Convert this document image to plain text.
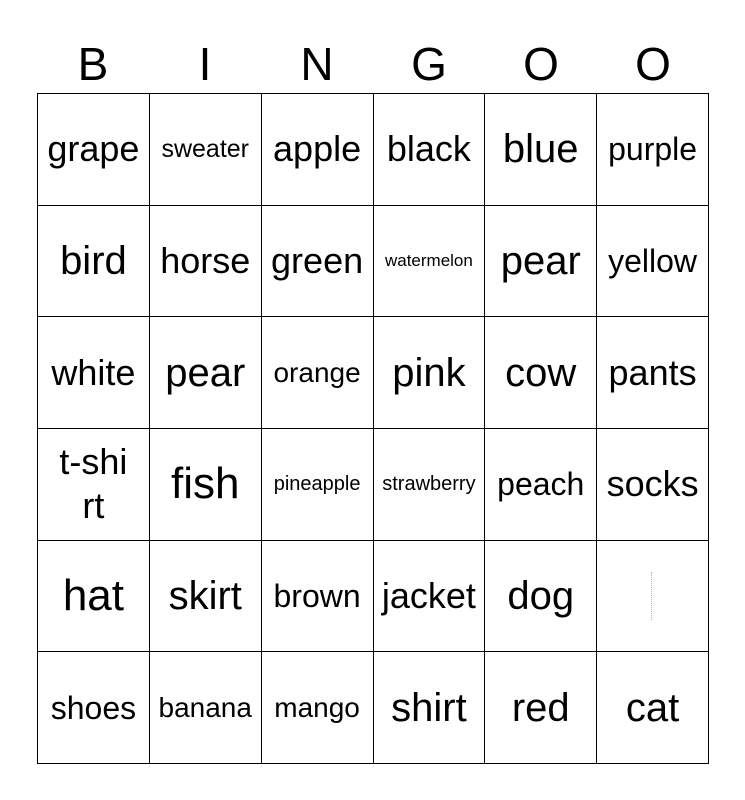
B	I	N	G	O	O
grape sweater apple black blue purple
bird horse green watermelon pear yellow
white pear orange pink cow pants
t-shirt	fish pineapple strawberry peach socks
hat skirt brown jacket dog
shoes banana mango shirt red cat
